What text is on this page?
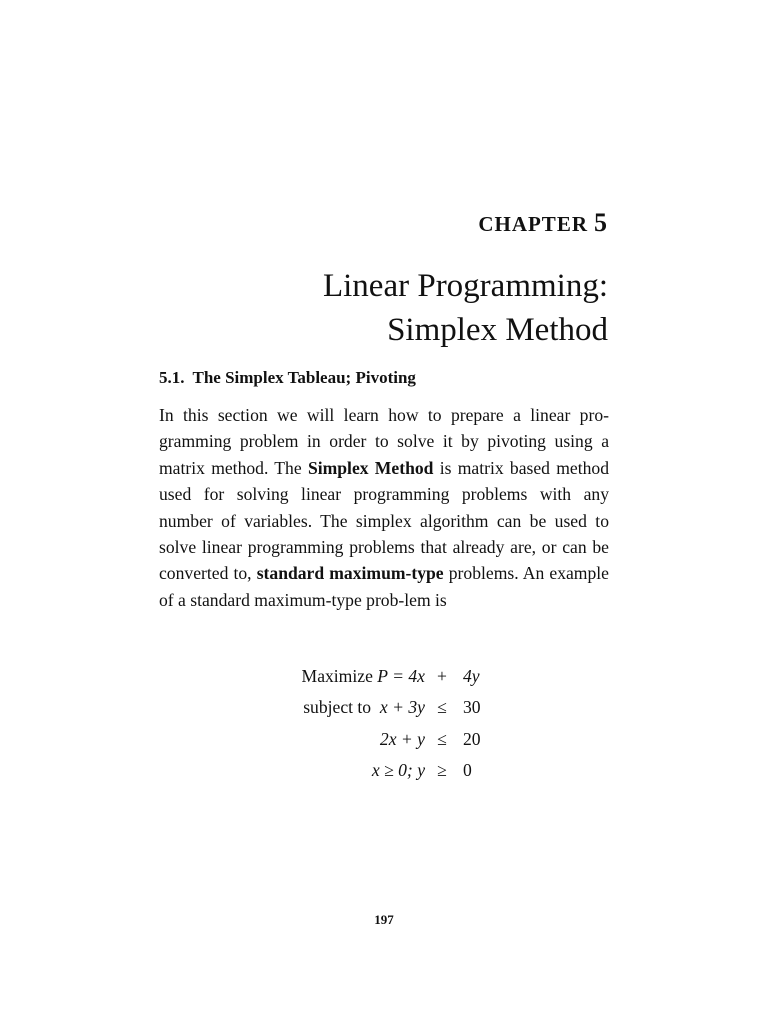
CHAPTER 5
Linear Programming:
Simplex Method
5.1. The Simplex Tableau; Pivoting
In this section we will learn how to prepare a linear pro-gramming problem in order to solve it by pivoting using a matrix method. The Simplex Method is matrix based method used for solving linear programming problems with any number of variables. The simplex algorithm can be used to solve linear programming problems that already are, or can be converted to, standard maximum-type problems. An example of a standard maximum-type prob-lem is
Maximize P = 4x + 4y
subject to  x + 3y ≤ 30
2x + y ≤ 20
x ≥ 0; y ≥ 0
197
